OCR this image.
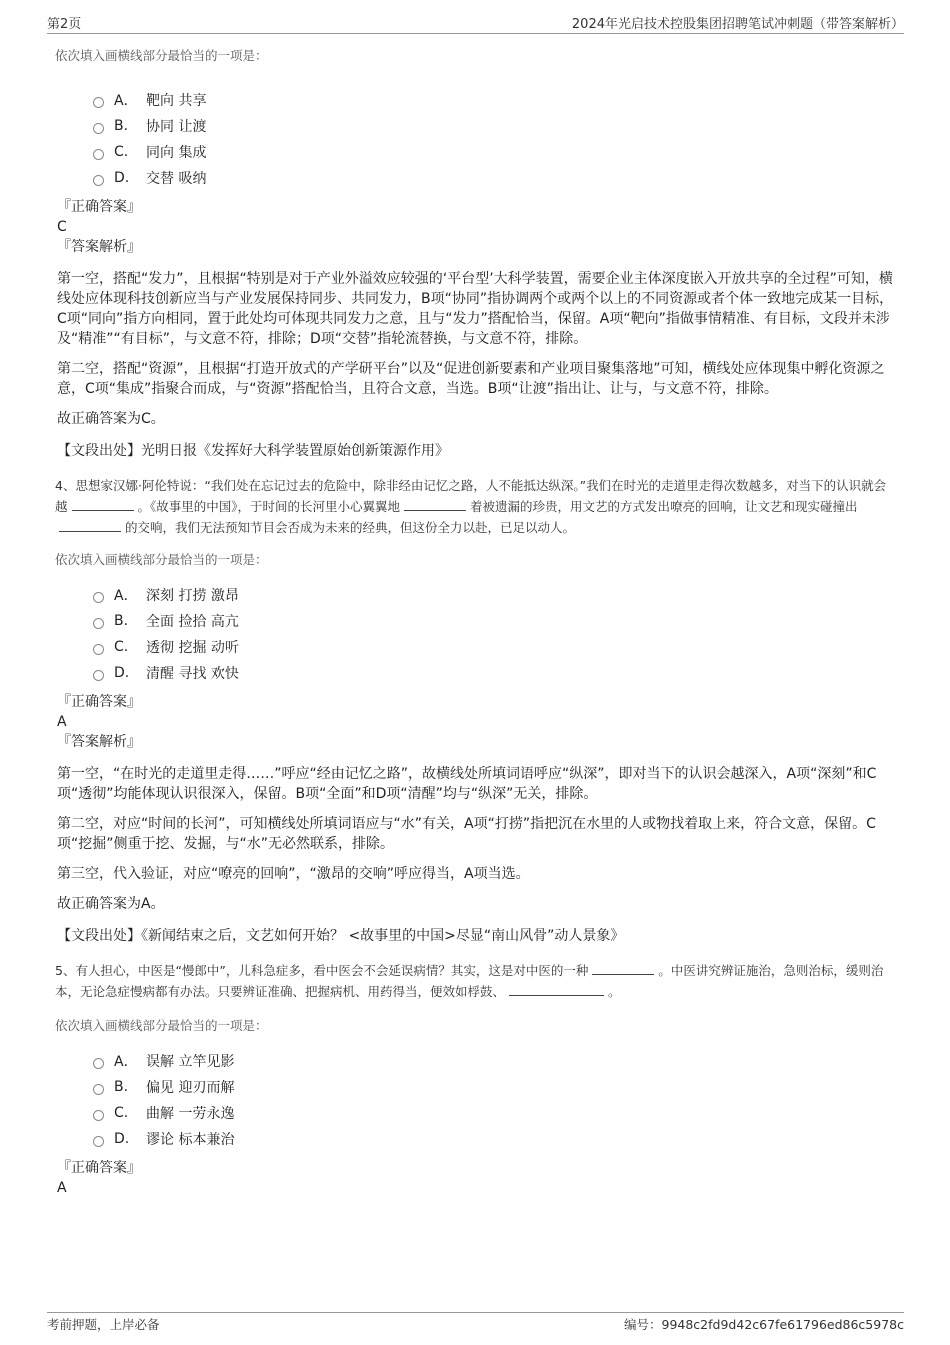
第2页	2024年光启技术控股集团招聘笔试冲刺题（带答案解析）
依次填入画横线部分最恰当的一项是：
A． 靶向 共享
B.	协同 让渡
C.	同向 集成
D.	交替 吸纳
『正确答案』
C
『答案解析』
第一空，搭配“发力”，且根据“特别是对于产业外溢效应较强的‘平台型’大科学装置，需要企业主体深度嵌入开放共享的全过程”可知，横线处应体现科技创新应当与产业发展保持同步、共同发力，B项“协同”指协调两个或两个以上的不同资源或者个体一致地完成某一目标，C项“同向”指方向相同，置于此处均可体现共同发力之意，且与“发力”搭配恰当，保留。A项“靶向”指做事情精准、有目标，文段并未涉及“精准”“有目标”，与文意不符，排除；D项“交替”指轮流替换，与文意不符，排除。
第二空，搭配“资源”，且根据“打造开放式的产学研平台”以及“促进创新要素和产业项目聚集落地”可知，横线处应体现集中孵化资源之意，C项“集成”指聚合而成，与“资源”搭配恰当，且符合文意，当选。B项“让渡”指出让、让与，与文意不符，排除。
故正确答案为C。
【文段出处】光明日报《发挥好大科学装置原始创新策源作用》
4、思想家汉娜·阿伦特说：“我们处在忘记过去的危险中，除非经由记忆之路，人不能抵达纵深。”我们在时光的走道里走得次数越多，对当下的认识就会越	。《故事里的中国》，于时间的长河里小心翼翼地	着被遗漏的珍贵，用文艺的方式发出嘹亮的回响，让文艺和现实碰撞出的交响，我们无法预知节目会否成为未来的经典，但这份全力以赴，已足以动人。
依次填入画横线部分最恰当的一项是：
A． 深刻 打捞 激昂
B.	全面 捡拾 高亢
C.	透彻 挖掘 动听
D.	清醒 寻找 欢快
『正确答案』
A
『答案解析』
第一空，“在时光的走道里走得……”呼应“经由记忆之路”，故横线处所填词语呼应“纵深”，即对当下的认识会越深入，A项“深刻”和C项“透彻”均能体现认识很深入，保留。B项“全面”和D项“清醒”均与“纵深”无关，排除。
第二空，对应“时间的长河”，可知横线处所填词语应与“水”有关，A项“打捞”指把沉在水里的人或物找着取上来，符合文意，保留。C项“挖掘”侧重于挖、发掘，与“水”无必然联系，排除。
第三空，代入验证，对应“嘹亮的回响”，“激昂的交响”呼应得当，A项当选。
故正确答案为A。
【文段出处】《新闻结束之后，文艺如何开始？ <故事里的中国>尽显“南山风骨”动人景象》
5、有人担心，中医是“慢郎中”，儿科急症多，看中医会不会延误病情？其实，这是对中医的一种	。中医讲究辨证施治，急则治标，缓则治本，无论急症慢病都有办法。只要辨证准确、把握病机、用药得当，便效如桴鼓、	。
依次填入画横线部分最恰当的一项是：
A． 误解 立竿见影
B.	偏见 迎刃而解
C.	曲解 一劳永逸
D.	谬论 标本兼治
『正确答案』
A
考前押题，上岸必备	编号：9948c2fd9d42c67fe61796ed86c5978c
